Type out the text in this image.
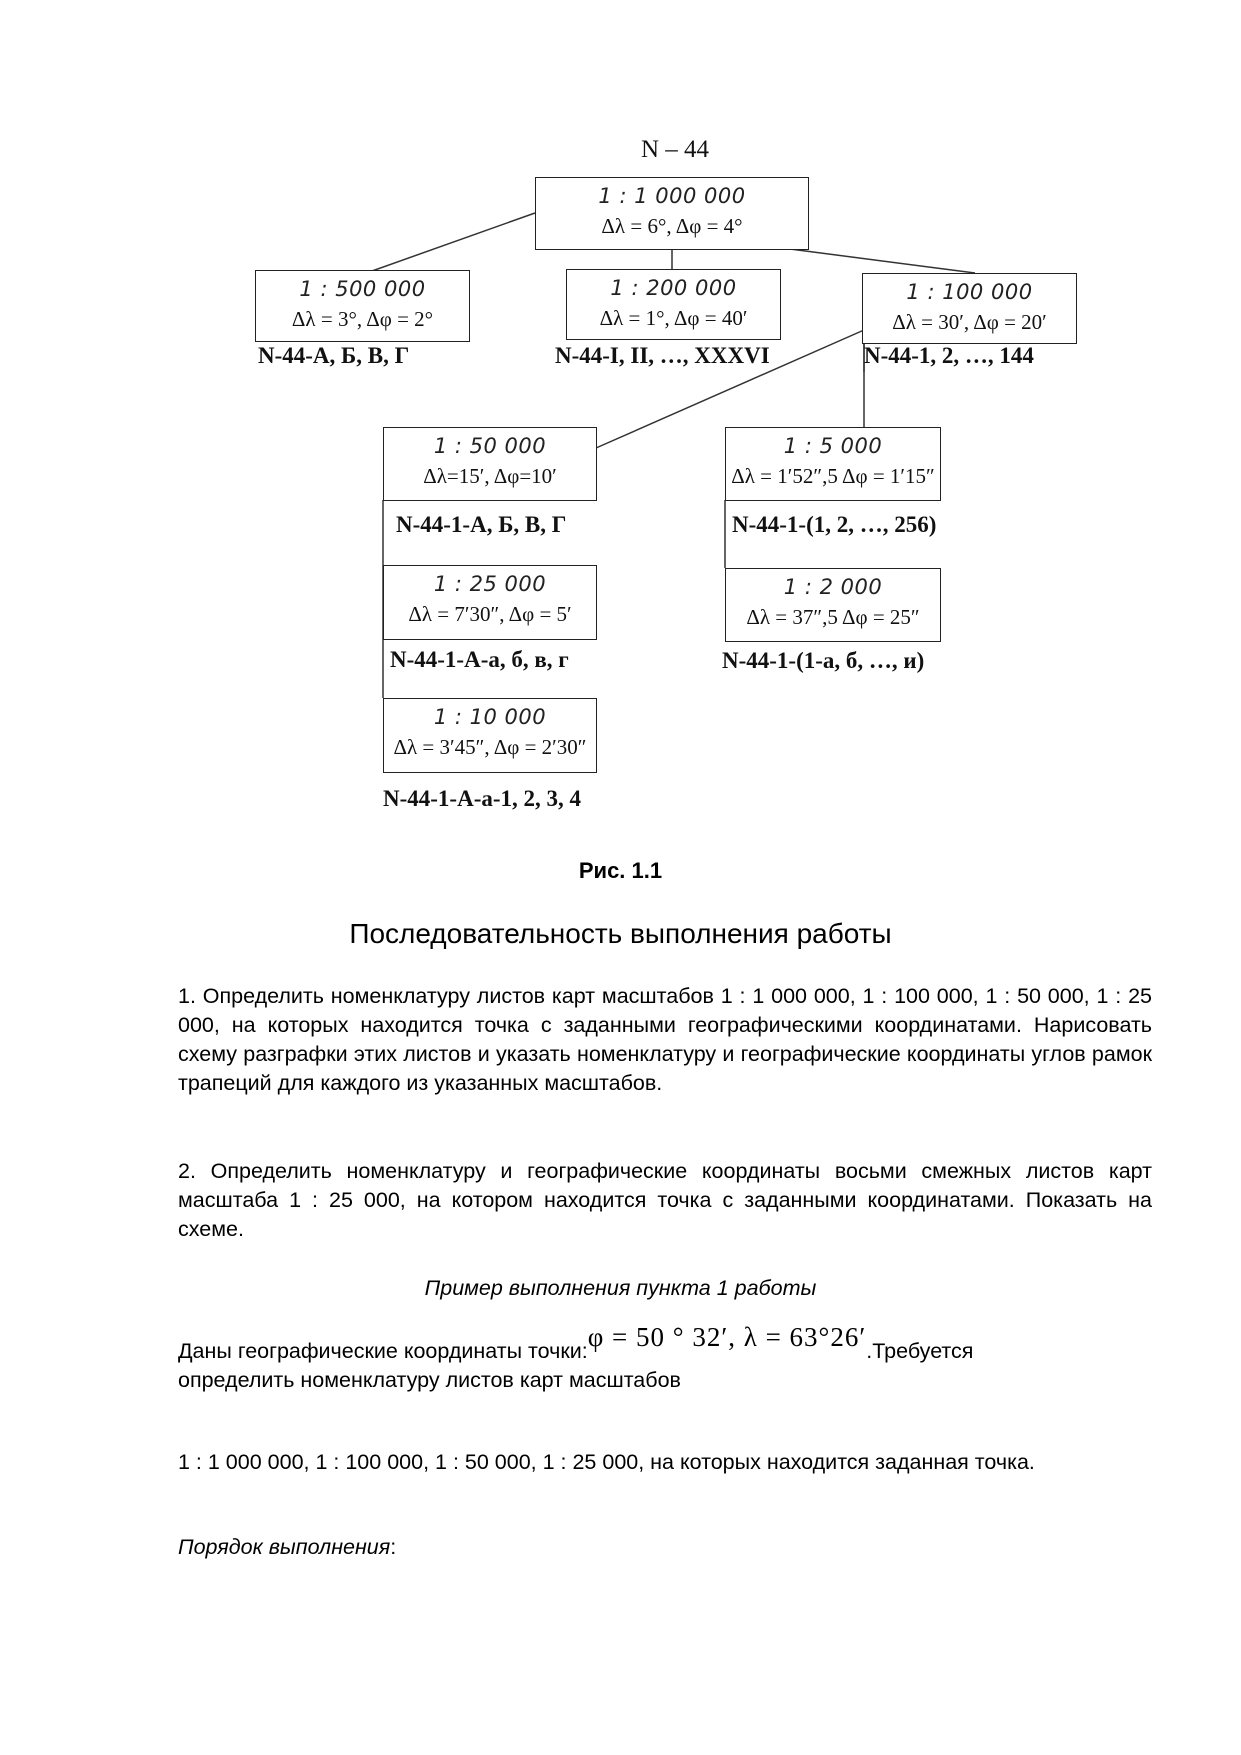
N – 44
1 : 1 000 000
Δλ = 6°, Δφ = 4°
1 : 500 000
Δλ = 3°, Δφ = 2°
N-44-А, Б, В, Г
1 : 200 000
Δλ = 1°, Δφ = 40′
N-44-I, II, …, XXXVI
1 : 100 000
Δλ = 30′, Δφ = 20′
N-44-1, 2, …, 144
1 : 50 000
Δλ=15′, Δφ=10′
N-44-1-А, Б, В, Г
1 : 25 000
Δλ = 7′30″, Δφ = 5′
N-44-1-А-а, б, в, г
1 : 10 000
Δλ = 3′45″, Δφ = 2′30″
N-44-1-А-а-1, 2, 3, 4
1 : 5 000
Δλ = 1′52″,5 Δφ = 1′15″
N-44-1-(1, 2, …, 256)
1 : 2 000
Δλ = 37″,5 Δφ = 25″
N-44-1-(1-а, б, …, и)
Рис. 1.1
Последовательность выполнения работы
1. Определить номенклатуру листов карт масштабов 1 : 1 000 000, 1 : 100 000, 1 : 50 000, 1 : 25 000, на которых находится точка с заданными географическими координатами. Нарисовать схему разграфки этих листов и указать номенклатуру и географические координаты углов рамок трапеций для каждого из указанных масштабов.
2. Определить номенклатуру и географические координаты восьми смежных листов карт масштаба 1 : 25 000, на котором находится точка с заданными координатами. Показать на схеме.
Пример выполнения пункта 1 работы
Даны географические координаты точки:φ = 50 ° 32′, λ = 63°26′.Требуется
определить номенклатуру листов карт масштабов
1 : 1 000 000, 1 : 100 000, 1 : 50 000, 1 : 25 000, на которых находится заданная точка.
Порядок выполнения:
